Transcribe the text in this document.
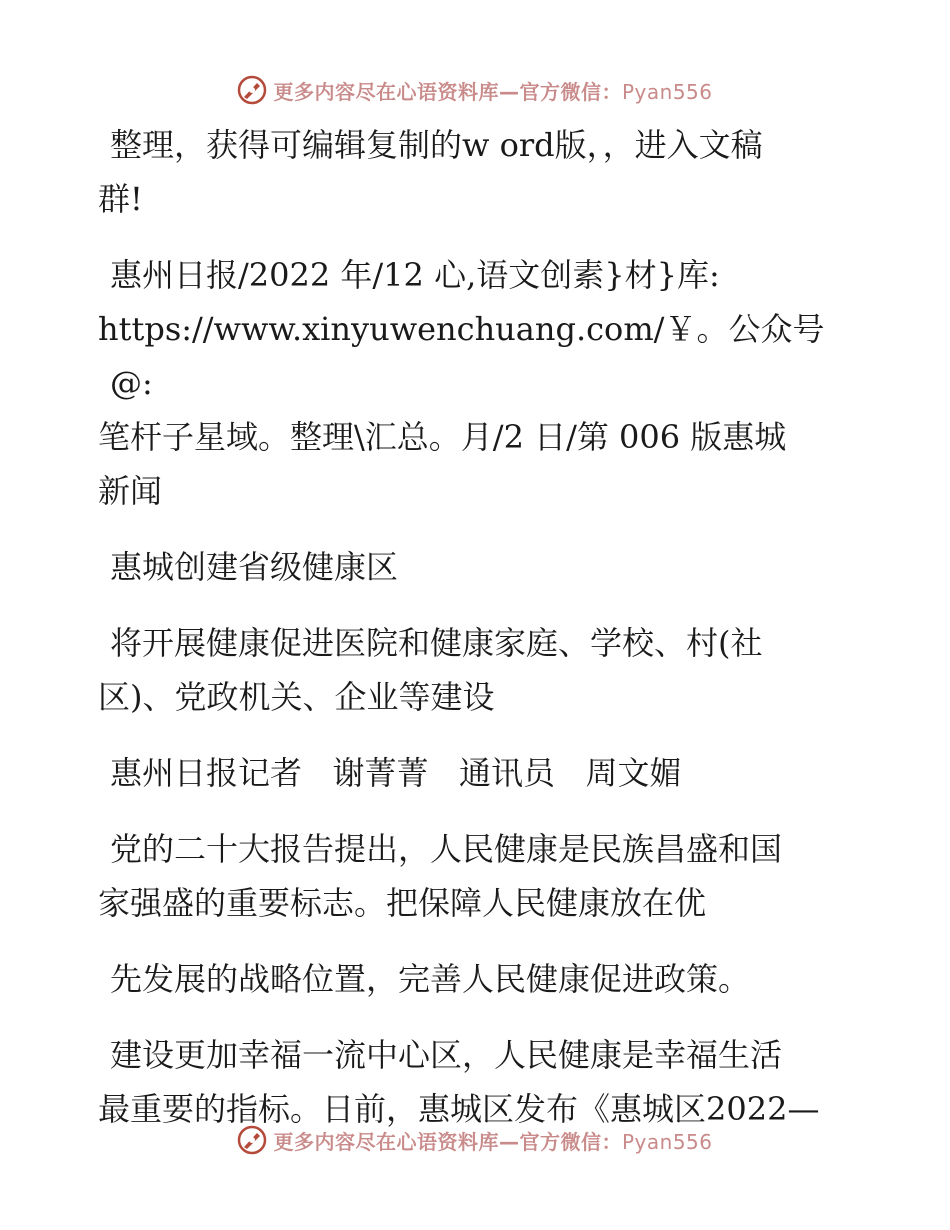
更多内容尽在心语资料库—官方微信：Pyan556
整理，获得可编辑复制的w ord版，，进入文稿
群!
惠州日报/2022 年/12 心,语文创素}材}库:
https://www.xinyuwenchuang.com/￥。公众号@:
笔杆子星域。整理\汇总。月/2 日/第 006 版惠城
新闻
惠城创建省级健康区
将开展健康促进医院和健康家庭、学校、村(社
区)、党政机关、企业等建设
惠州日报记者   谢菁菁   通讯员   周文媚
党的二十大报告提出，人民健康是民族昌盛和国
家强盛的重要标志。把保障人民健康放在优
先发展的战略位置，完善人民健康促进政策。
建设更加幸福一流中心区，人民健康是幸福生活
最重要的指标。日前，惠城区发布《惠城区2022—
更多内容尽在心语资料库—官方微信：Pyan556
